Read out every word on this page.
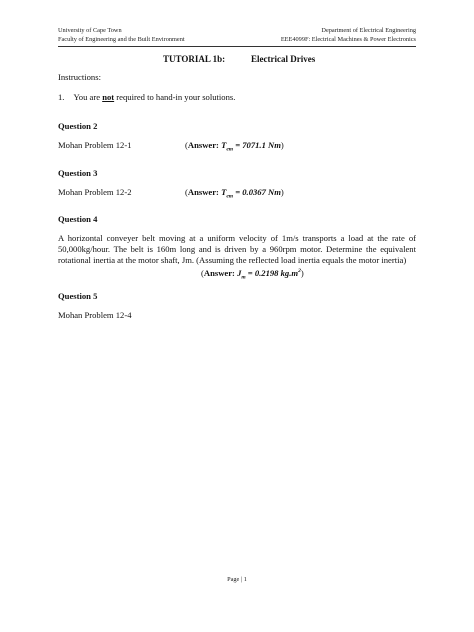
University of Cape Town
Faculty of Engineering and the Built Environment
Department of Electrical Engineering
EEE4099F: Electrical Machines & Power Electronics
TUTORIAL 1b:	Electrical Drives
Instructions:
1. You are not required to hand-in your solutions.
Question 2
Mohan Problem 12-1	(Answer: $T_{em} = 7071.1$ Nm)
Question 3
Mohan Problem 12-2	(Answer: $T_{em} = 0.0367$ Nm)
Question 4
A horizontal conveyer belt moving at a uniform velocity of 1m/s transports a load at the rate of 50,000kg/hour. The belt is 160m long and is driven by a 960rpm motor. Determine the equivalent rotational inertia at the motor shaft, Jm. (Assuming the reflected load inertia equals the motor inertia)
(Answer: $J_m = 0.2198$ $kg.m^2$)
Question 5
Mohan Problem 12-4
Page | 1
